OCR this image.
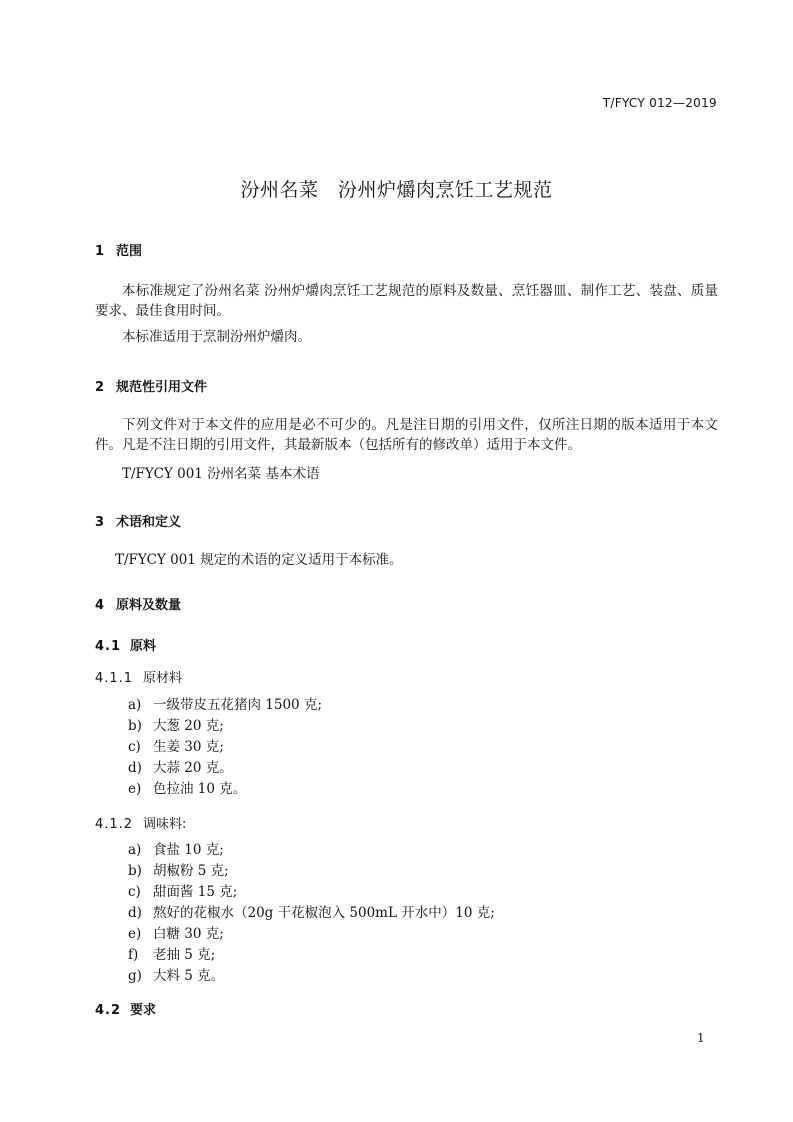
T/FYCY 012—2019
汾州名菜　汾州炉爝肉烹饪工艺规范
1 范围
本标准规定了汾州名菜 汾州炉爝肉烹饪工艺规范的原料及数量、烹饪器皿、制作工艺、装盘、质量要求、最佳食用时间。
本标准适用于烹制汾州炉爝肉。
2 规范性引用文件
下列文件对于本文件的应用是必不可少的。凡是注日期的引用文件，仅所注日期的版本适用于本文件。凡是不注日期的引用文件，其最新版本（包括所有的修改单）适用于本文件。
T/FYCY 001 汾州名菜 基本术语
3 术语和定义
T/FYCY 001 规定的术语的定义适用于本标准。
4 原料及数量
4.1 原料
4.1.1 原材料
a) 一级带皮五花猪肉 1500 克;
b) 大葱 20 克;
c) 生姜 30 克;
d) 大蒜 20 克。
e) 色拉油 10 克。
4.1.2 调味料:
a) 食盐 10 克;
b) 胡椒粉 5 克;
c) 甜面酱 15 克;
d) 熬好的花椒水（20g 干花椒泡入 500mL 开水中）10 克;
e) 白糖 30 克;
f) 老抽 5 克;
g) 大料 5 克。
4.2 要求
1
